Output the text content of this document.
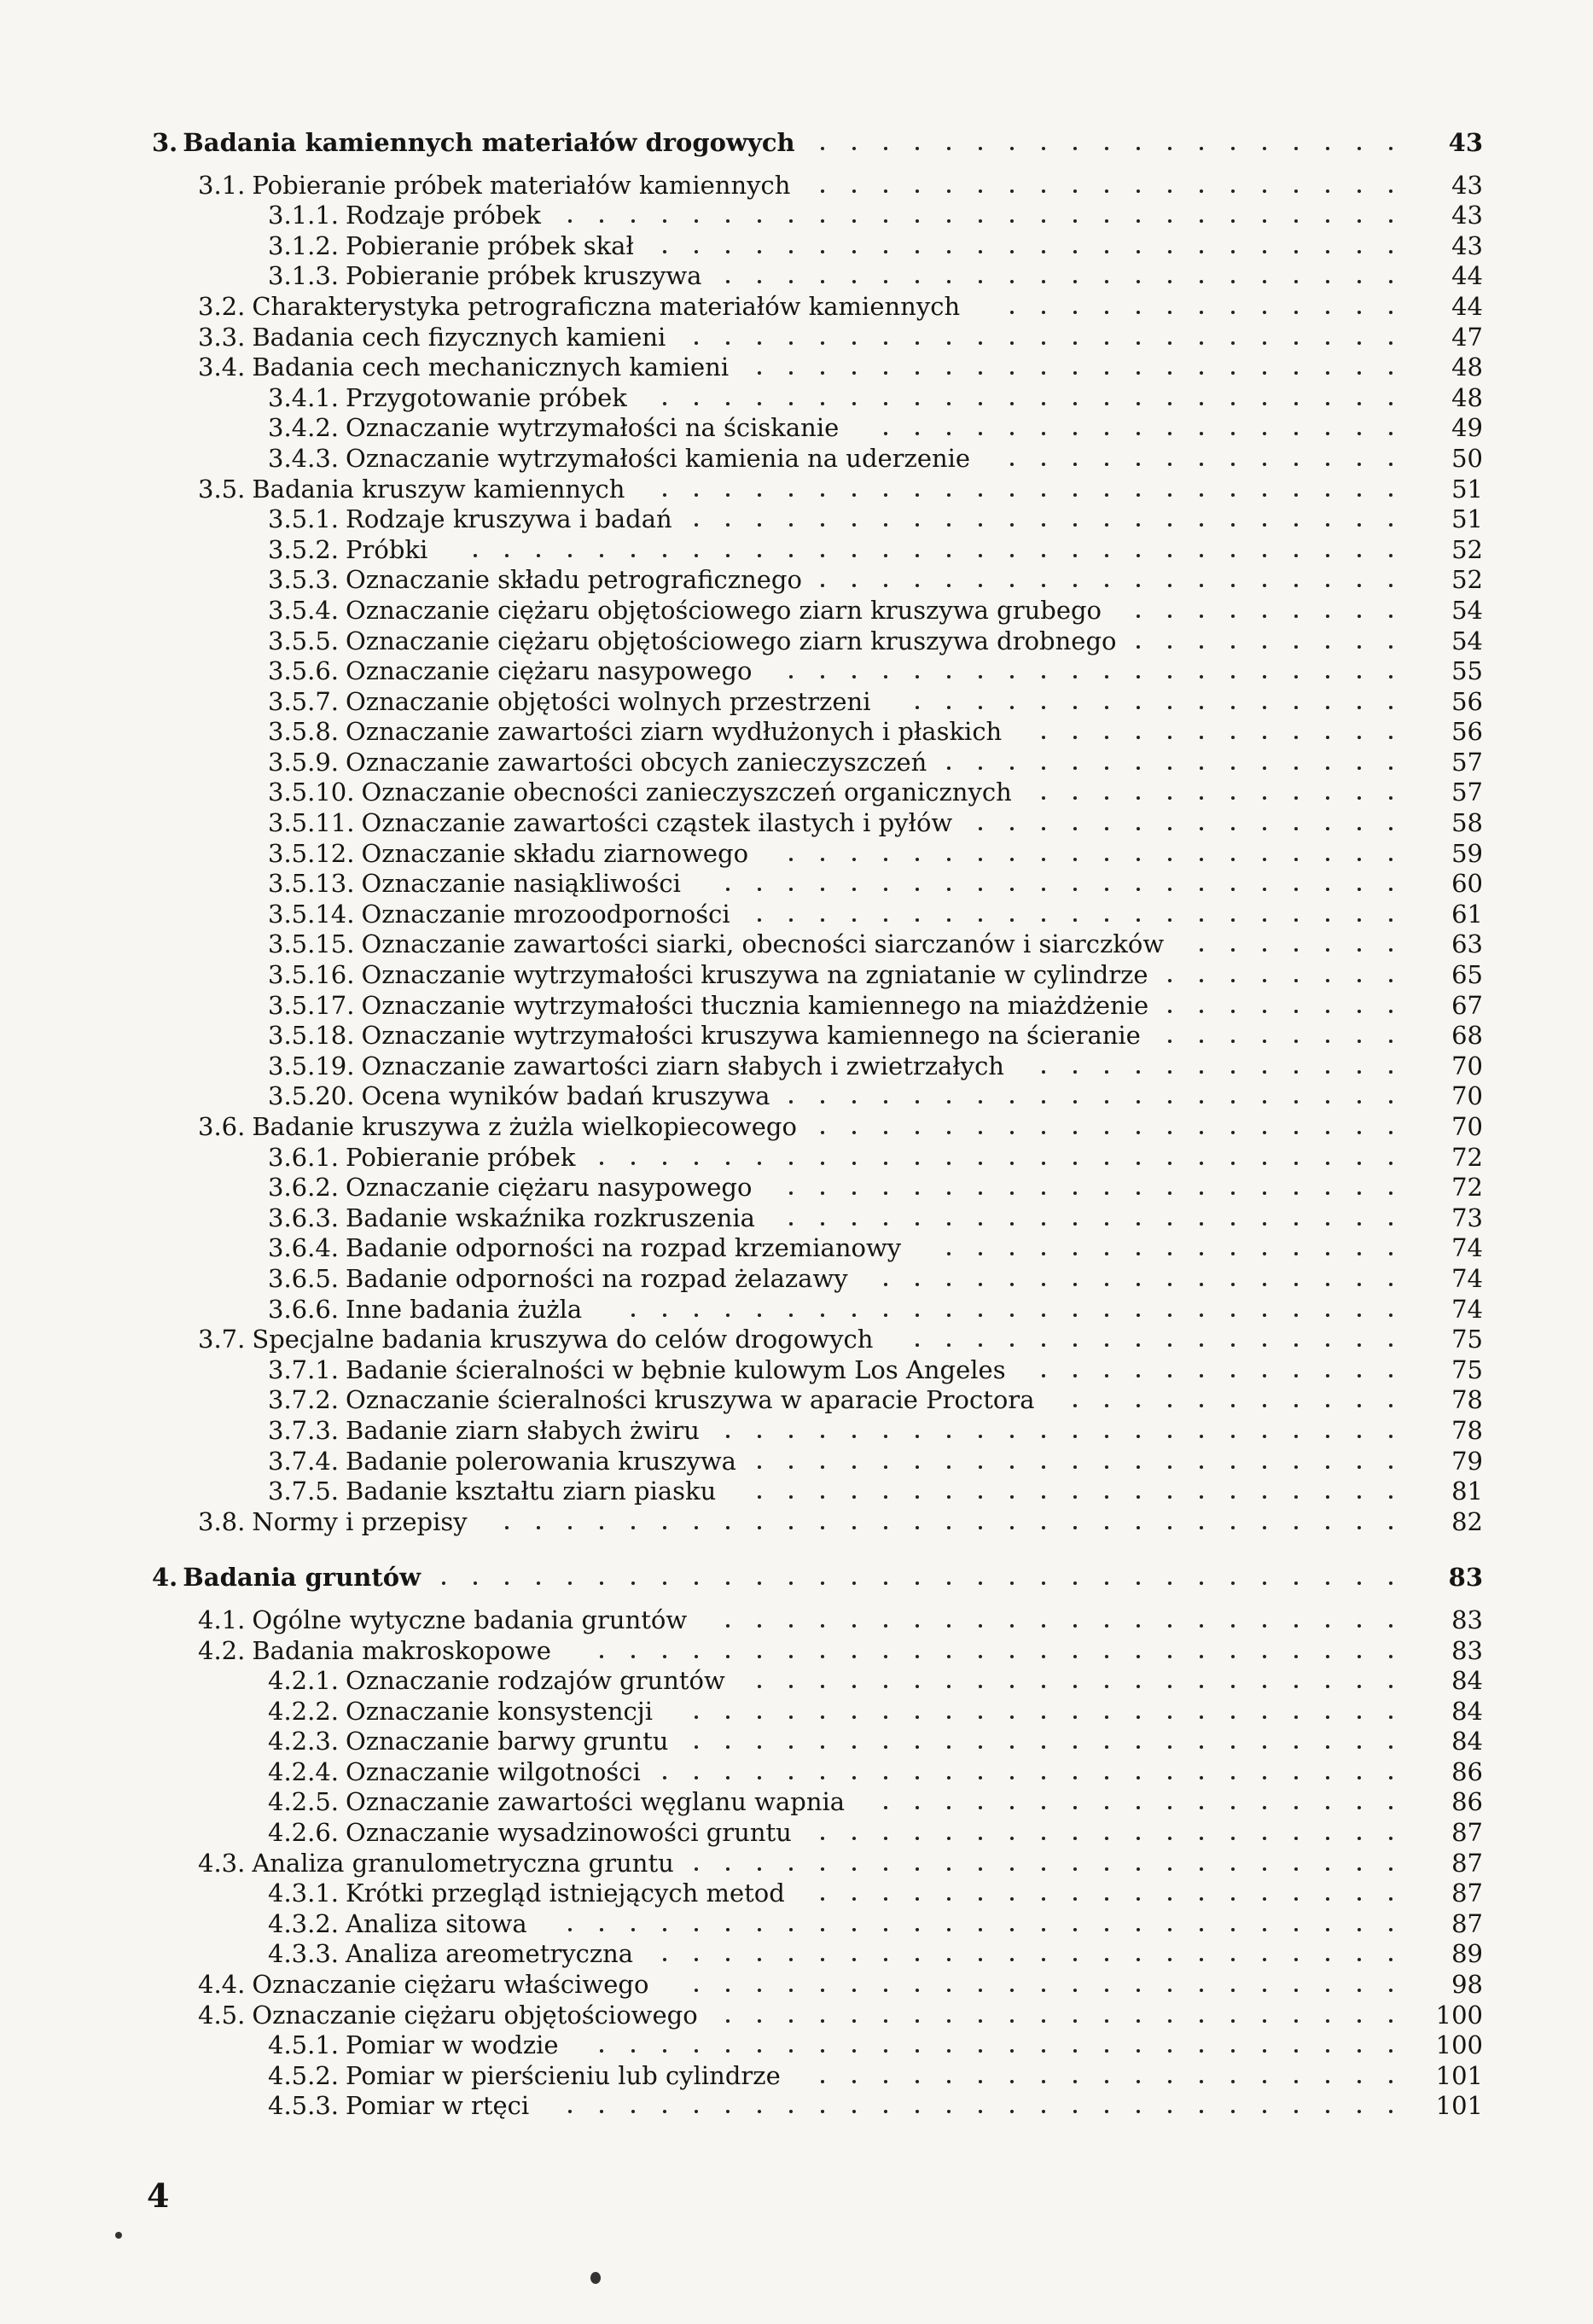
3. Badania kamiennych materiałów drogowych	43
3.1. Pobieranie próbek materiałów kamiennych	43
3.1.1. Rodzaje próbek	43
3.1.2. Pobieranie próbek skał	43
3.1.3. Pobieranie próbek kruszywa	44
3.2. Charakterystyka petrograficzna materiałów kamiennych	44
3.3. Badania cech fizycznych kamieni	47
3.4. Badania cech mechanicznych kamieni	48
3.4.1. Przygotowanie próbek	48
3.4.2. Oznaczanie wytrzymałości na ściskanie	49
3.4.3. Oznaczanie wytrzymałości kamienia na uderzenie	50
3.5. Badania kruszyw kamiennych	51
3.5.1. Rodzaje kruszywa i badań	51
3.5.2. Próbki	52
3.5.3. Oznaczanie składu petrograficznego	52
3.5.4. Oznaczanie ciężaru objętościowego ziarn kruszywa grubego	54
3.5.5. Oznaczanie ciężaru objętościowego ziarn kruszywa drobnego	54
3.5.6. Oznaczanie ciężaru nasypowego	55
3.5.7. Oznaczanie objętości wolnych przestrzeni	56
3.5.8. Oznaczanie zawartości ziarn wydłużonych i płaskich	56
3.5.9. Oznaczanie zawartości obcych zanieczyszczeń	57
3.5.10. Oznaczanie obecności zanieczyszczeń organicznych	57
3.5.11. Oznaczanie zawartości cząstek ilastych i pyłów	58
3.5.12. Oznaczanie składu ziarnowego	59
3.5.13. Oznaczanie nasiąkliwości	60
3.5.14. Oznaczanie mrozoodporności	61
3.5.15. Oznaczanie zawartości siarki, obecności siarczanów i siarczków	63
3.5.16. Oznaczanie wytrzymałości kruszywa na zgniatanie w cylindrze	65
3.5.17. Oznaczanie wytrzymałości tłucznia kamiennego na miażdżenie	67
3.5.18. Oznaczanie wytrzymałości kruszywa kamiennego na ścieranie	68
3.5.19. Oznaczanie zawartości ziarn słabych i zwietrzałych	70
3.5.20. Ocena wyników badań kruszywa	70
3.6. Badanie kruszywa z żużla wielkopiecowego	70
3.6.1. Pobieranie próbek	72
3.6.2. Oznaczanie ciężaru nasypowego	72
3.6.3. Badanie wskaźnika rozkruszenia	73
3.6.4. Badanie odporności na rozpad krzemianowy	74
3.6.5. Badanie odporności na rozpad żelazawy	74
3.6.6. Inne badania żużla	74
3.7. Specjalne badania kruszywa do celów drogowych	75
3.7.1. Badanie ścieralności w bębnie kulowym Los Angeles	75
3.7.2. Oznaczanie ścieralności kruszywa w aparacie Proctora	78
3.7.3. Badanie ziarn słabych żwiru	78
3.7.4. Badanie polerowania kruszywa	79
3.7.5. Badanie kształtu ziarn piasku	81
3.8. Normy i przepisy	82
4. Badania gruntów	83
4.1. Ogólne wytyczne badania gruntów	83
4.2. Badania makroskopowe	83
4.2.1. Oznaczanie rodzajów gruntów	84
4.2.2. Oznaczanie konsystencji	84
4.2.3. Oznaczanie barwy gruntu	84
4.2.4. Oznaczanie wilgotności	86
4.2.5. Oznaczanie zawartości węglanu wapnia	86
4.2.6. Oznaczanie wysadzinowości gruntu	87
4.3. Analiza granulometryczna gruntu	87
4.3.1. Krótki przegląd istniejących metod	87
4.3.2. Analiza sitowa	87
4.3.3. Analiza areometryczna	89
4.4. Oznaczanie ciężaru właściwego	98
4.5. Oznaczanie ciężaru objętościowego	100
4.5.1. Pomiar w wodzie	100
4.5.2. Pomiar w pierścieniu lub cylindrze	101
4.5.3. Pomiar w rtęci	101
4
